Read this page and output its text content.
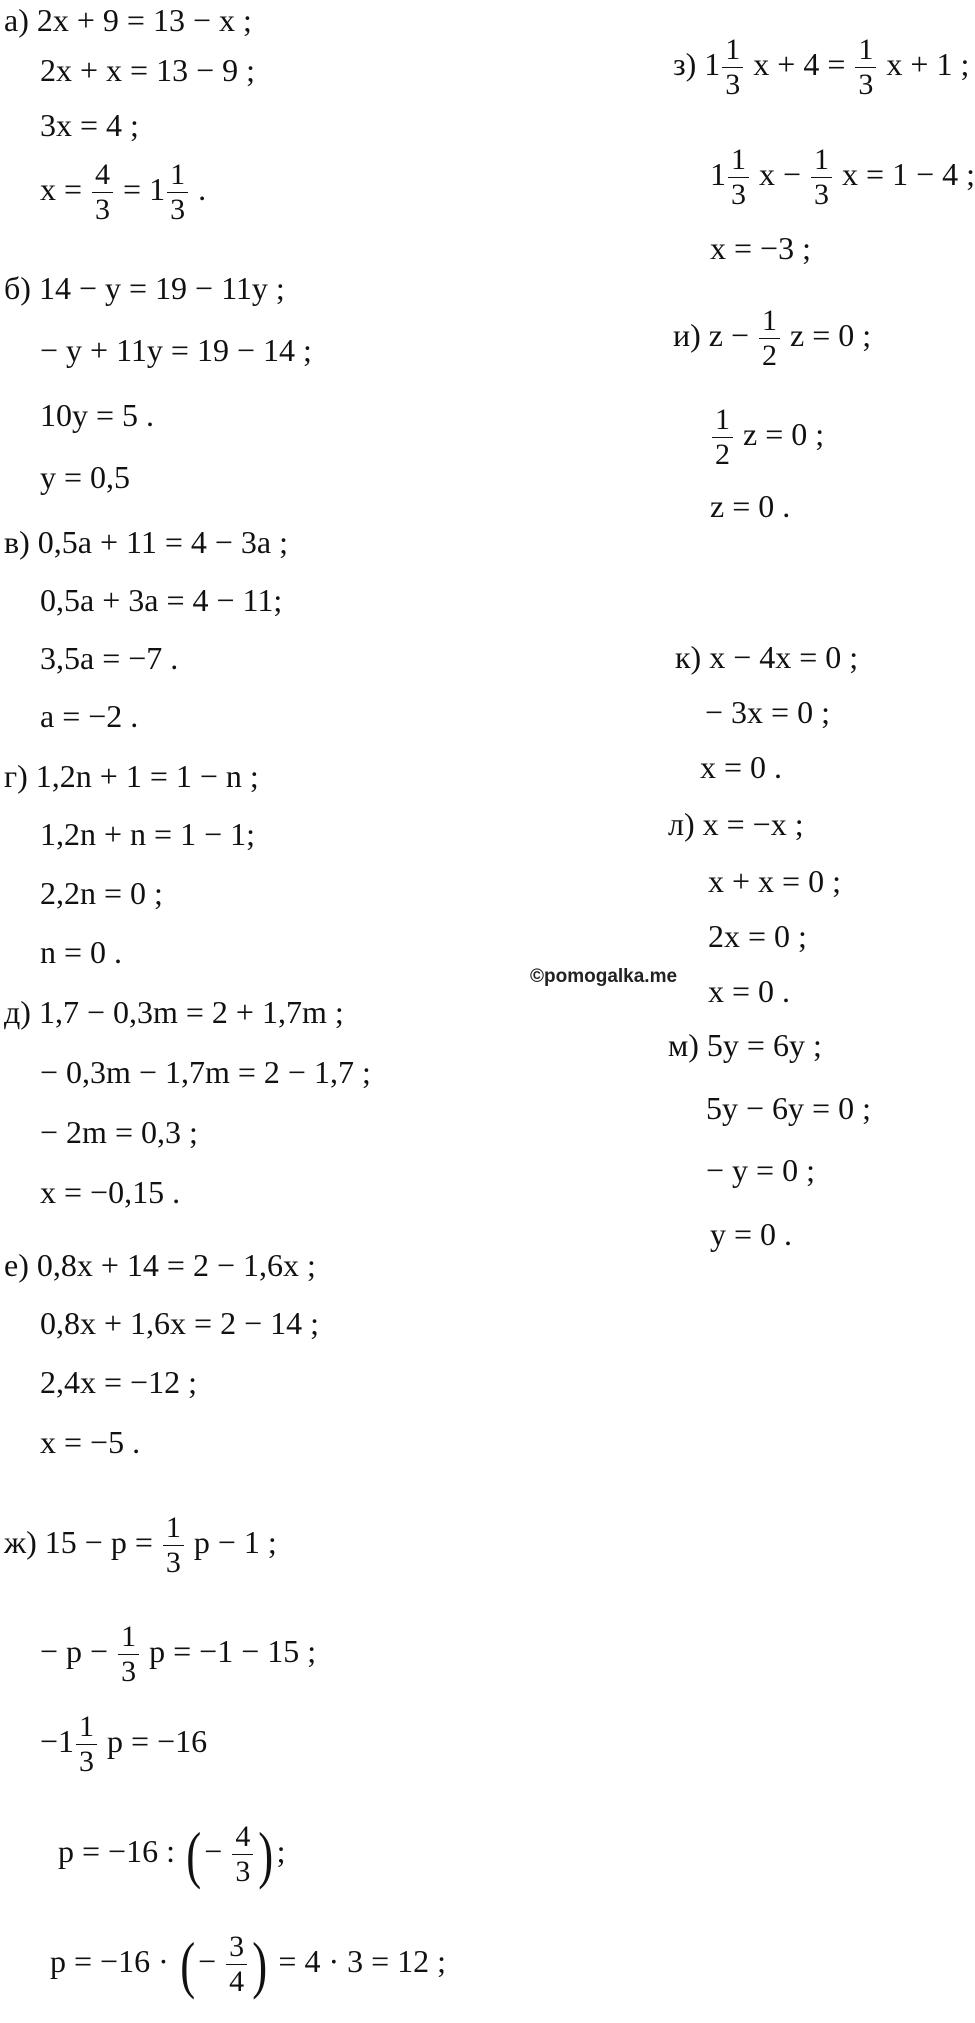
а) 2x + 9 = 13 − x ;
2x + x = 13 − 9 ;
3x = 4 ;
$x = \frac{4}{3} = 1 \frac{1}{3}$ .
б) 14 − y = 19 − 11y ;
− y + 11y = 19 − 14 ;
10y = 5 .
y = 0,5
в) 0,5a + 11 = 4 − 3a ;
0,5a + 3a = 4 − 11;
3,5a = −7 .
a = −2 .
г) 1,2n + 1 = 1 − n ;
1,2n + n = 1 − 1;
2,2n = 0 ;
n = 0 .
д) 1,7 − 0,3m = 2 + 1,7m ;
− 0,3m − 1,7m = 2 − 1,7 ;
− 2m = 0,3 ;
x = −0,15 .
е) 0,8x + 14 = 2 − 1,6x ;
0,8x + 1,6x = 2 − 14 ;
2,4x = −12 ;
x = −5 .
ж) $15 - p = \frac{1}{3}$ p − 1 ;
− $p - \frac{1}{3}$ p = −1 − 15 ;
$-1 \frac{1}{3}$ p = −16
p = −16 : (− $\frac{4}{3}$ );
p = −16 · (− $\frac{3}{4}$ ) = 4 · 3 = 12 ;
з) $1 \frac{1}{3}$ $x + 4 = \frac{1}{3}$ x + 1 ;
$1 \frac{1}{3}$ $x - \frac{1}{3}$ x = 1 − 4 ;
x = −3 ;
и) $z - \frac{1}{2}$ z = 0 ;
$\frac{1}{2}$ z = 0 ;
z = 0 .
к) x − 4x = 0 ;
− 3x = 0 ;
x = 0 .
л) x = −x ;
x + x = 0 ;
2x = 0 ;
x = 0 .
м) 5y = 6y ;
5y − 6y = 0 ;
− y = 0 ;
y = 0 .
©pomogalka.me
